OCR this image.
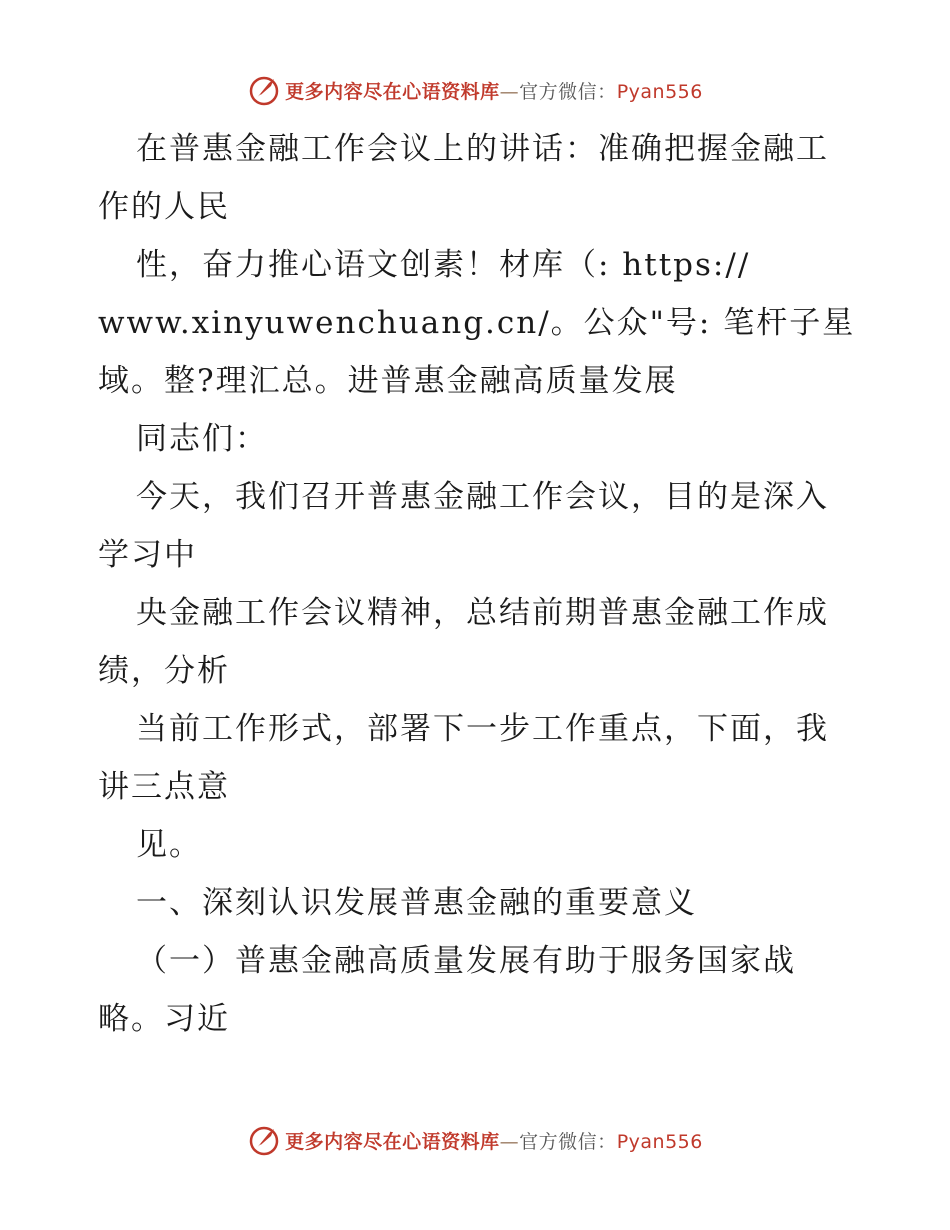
更多内容尽在心语资料库—官方微信：Pyan556
在普惠金融工作会议上的讲话：准确把握金融工
作的人民
性，奋力推心语文创素！材库（: https://
www.xinyuwenchuang.cn/。公众"号: 笔杆子星
域。整?理汇总。进普惠金融高质量发展
同志们：
今天，我们召开普惠金融工作会议，目的是深入
学习中
央金融工作会议精神，总结前期普惠金融工作成
绩，分析
当前工作形式，部署下一步工作重点，下面，我
讲三点意
见。
一、深刻认识发展普惠金融的重要意义
（一）普惠金融高质量发展有助于服务国家战
略。习近
更多内容尽在心语资料库—官方微信：Pyan556
